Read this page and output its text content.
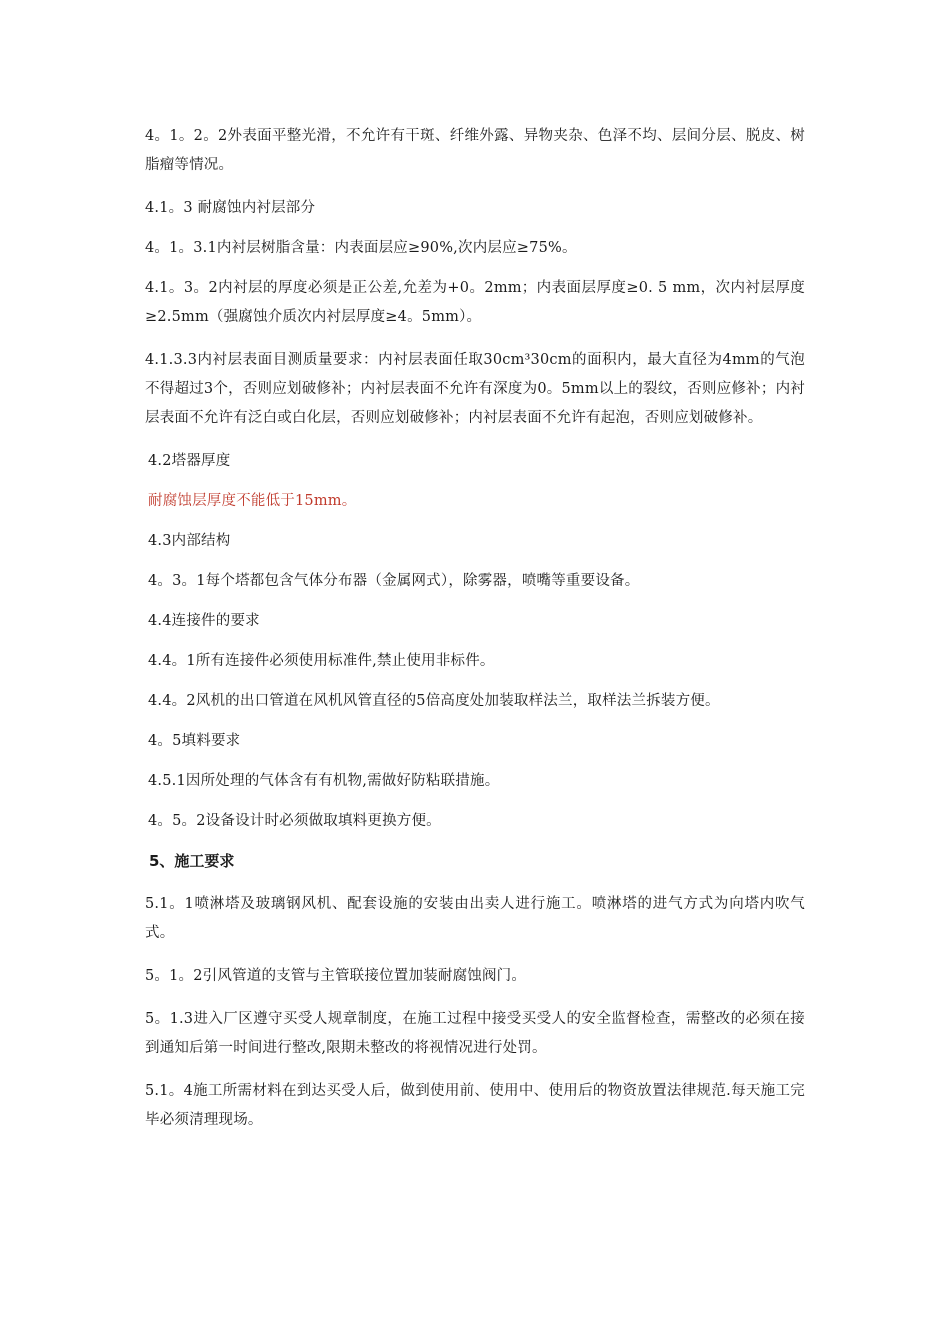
4。1。2。2外表面平整光滑，不允许有干斑、纤维外露、异物夹杂、色泽不均、层间分层、脱皮、树脂瘤等情况。

4.1。3 耐腐蚀内衬层部分

4。1。3.1内衬层树脂含量：内表面层应≥90%,次内层应≥75%。

4.1。3。2内衬层的厚度必须是正公差,允差为+0。2mm；内表面层厚度≥0. 5 mm，次内衬层厚度≥2.5mm（强腐蚀介质次内衬层厚度≥4。5mm）。

4.1.3.3内衬层表面目测质量要求：内衬层表面任取30cm³30cm的面积内，最大直径为4mm的气泡不得超过3个，否则应划破修补；内衬层表面不允许有深度为0。5mm以上的裂纹，否则应修补；内衬层表面不允许有泛白或白化层，否则应划破修补；内衬层表面不允许有起泡，否则应划破修补。

4.2塔器厚度

耐腐蚀层厚度不能低于15mm。

4.3内部结构

4。3。1每个塔都包含气体分布器（金属网式），除雾器，喷嘴等重要设备。

4.4连接件的要求

4.4。1所有连接件必须使用标准件,禁止使用非标件。

4.4。2风机的出口管道在风机风管直径的5倍高度处加装取样法兰，取样法兰拆装方便。

4。5填料要求

4.5.1因所处理的气体含有有机物,需做好防粘联措施。

4。5。2设备设计时必须做取填料更换方便。

5、施工要求

5.1。1喷淋塔及玻璃钢风机、配套设施的安装由出卖人进行施工。喷淋塔的进气方式为向塔内吹气式。

5。1。2引风管道的支管与主管联接位置加装耐腐蚀阀门。

5。1.3进入厂区遵守买受人规章制度，在施工过程中接受买受人的安全监督检查，需整改的必须在接到通知后第一时间进行整改,限期未整改的将视情况进行处罚。

5.1。4施工所需材料在到达买受人后，做到使用前、使用中、使用后的物资放置法律规范.每天施工完毕必须清理现场。
